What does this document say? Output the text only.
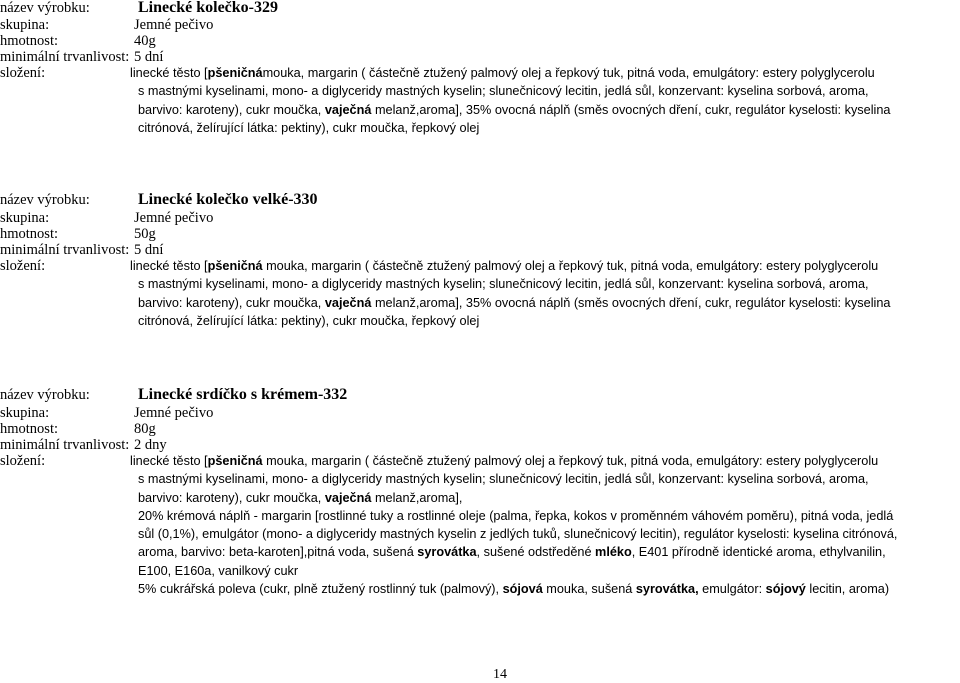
název výrobku:	Linecké kolečko-329
skupina:	Jemné pečivo
hmotnost:	40g
minimální trvanlivost: 5 dní
složení:	linecké těsto [pšeničnámouka, margarin ( částečně ztužený palmový olej a řepkový tuk, pitná voda, emulgátory: estery polyglycerolu
s mastnými kyselinami, mono- a diglyceridy mastných kyselin; slunečnicový lecitin, jedlá sůl, konzervant: kyselina sorbová, aroma,
barvivo: karoteny), cukr moučka, vaječná melanž,aroma], 35% ovocná náplň (směs ovocných dření, cukr, regulátor kyselosti: kyselina
citrónová, želírující látka: pektiny), cukr moučka, řepkový olej
název výrobku:	Linecké kolečko velké-330
skupina:	Jemné pečivo
hmotnost:	50g
minimální trvanlivost: 5 dní
složení:	linecké těsto [pšeničná mouka, margarin ( částečně ztužený palmový olej a řepkový tuk, pitná voda, emulgátory: estery polyglycerolu
s mastnými kyselinami, mono- a diglyceridy mastných kyselin; slunečnicový lecitin, jedlá sůl, konzervant: kyselina sorbová, aroma,
barvivo: karoteny), cukr moučka, vaječná melanž,aroma], 35% ovocná náplň (směs ovocných dření, cukr, regulátor kyselosti: kyselina
citrónová, želírující látka: pektiny), cukr moučka, řepkový olej
název výrobku:	Linecké srdíčko s krémem-332
skupina:	Jemné pečivo
hmotnost:	80g
minimální trvanlivost: 2 dny
složení:	linecké těsto [pšeničná mouka, margarin ( částečně ztužený palmový olej a řepkový tuk, pitná voda, emulgátory: estery polyglycerolu
s mastnými kyselinami, mono- a diglyceridy mastných kyselin; slunečnicový lecitin, jedlá sůl, konzervant: kyselina sorbová, aroma,
barvivo: karoteny), cukr moučka, vaječná melanž,aroma],
20% krémová náplň - margarin [rostlinné tuky a rostlinné oleje (palma, řepka, kokos v proměnném váhovém poměru), pitná voda, jedlá
sůl (0,1%), emulgátor (mono- a diglyceridy mastných kyselin z jedlých tuků, slunečnicový lecitin), regulátor kyselosti: kyselina citrónová,
aroma, barvivo: beta-karoten],pitná voda, sušená syrovátka, sušené odstředěné mléko, E401 přírodně identické aroma, ethylvanilin,
E100, E160a, vanilkový cukr
5% cukrářská poleva (cukr, plně ztužený rostlinný tuk (palmový), sójová mouka, sušená syrovátka, emulgátor: sójový lecitin, aroma)
14
